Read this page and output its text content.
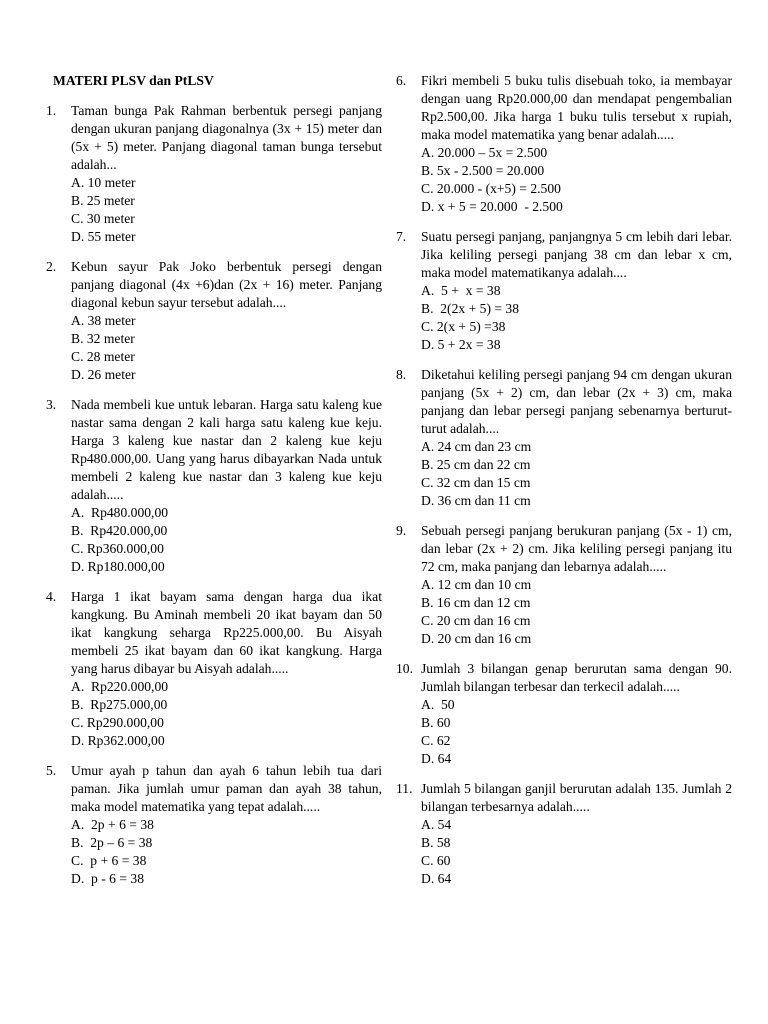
MATERI PLSV dan PtLSV
1.	Taman bunga Pak Rahman berbentuk persegi panjang dengan ukuran panjang diagonalnya (3x + 15) meter dan (5x + 5) meter. Panjang diagonal taman bunga tersebut adalah...
A. 10 meter
B. 25 meter
C. 30 meter
D. 55 meter
2.	Kebun sayur Pak Joko berbentuk persegi dengan panjang diagonal (4x +6)dan (2x + 16) meter. Panjang diagonal kebun sayur tersebut adalah....
A. 38 meter
B. 32 meter
C. 28 meter
D. 26 meter
3.	Nada membeli kue untuk lebaran. Harga satu kaleng kue nastar sama dengan 2 kali harga satu kaleng kue keju. Harga 3 kaleng kue nastar dan 2 kaleng kue keju Rp480.000,00. Uang yang harus dibayarkan Nada untuk membeli 2 kaleng kue nastar dan 3 kaleng kue keju adalah.....
A.  Rp480.000,00
B.  Rp420.000,00
C. Rp360.000,00
D. Rp180.000,00
4.	Harga 1 ikat bayam sama dengan harga dua ikat kangkung. Bu Aminah membeli 20 ikat bayam dan 50 ikat kangkung seharga Rp225.000,00. Bu Aisyah membeli 25 ikat bayam dan 60 ikat kangkung. Harga yang harus dibayar bu Aisyah adalah.....
A.  Rp220.000,00
B.  Rp275.000,00
C. Rp290.000,00
D. Rp362.000,00
5.	Umur ayah p tahun dan ayah 6 tahun lebih tua dari paman. Jika jumlah umur paman dan ayah 38 tahun, maka model matematika yang tepat adalah.....
A.  2p + 6 = 38
B.  2p – 6 = 38
C.  p + 6 = 38
D.  p - 6 = 38
6.	Fikri membeli 5 buku tulis disebuah toko, ia membayar dengan uang Rp20.000,00 dan mendapat pengembalian Rp2.500,00. Jika harga 1 buku tulis tersebut x rupiah, maka model matematika yang benar adalah.....
A. 20.000 – 5x = 2.500
B. 5x - 2.500 = 20.000
C. 20.000 - (x+5) = 2.500
D. x + 5 = 20.000  - 2.500
7.	Suatu persegi panjang, panjangnya 5 cm lebih dari lebar. Jika keliling persegi panjang 38 cm dan lebar x cm, maka model matematikanya adalah....
A.  5 +  x = 38
B.  2(2x + 5) = 38
C. 2(x + 5) =38
D. 5 + 2x = 38
8.	Diketahui keliling persegi panjang 94 cm dengan ukuran panjang (5x + 2) cm, dan lebar (2x + 3) cm, maka panjang dan lebar persegi panjang sebenarnya berturut-turut adalah....
A. 24 cm dan 23 cm
B. 25 cm dan 22 cm
C. 32 cm dan 15 cm
D. 36 cm dan 11 cm
9.	Sebuah persegi panjang berukuran panjang (5x - 1) cm, dan lebar (2x + 2) cm. Jika keliling persegi panjang itu 72 cm, maka panjang dan lebarnya adalah.....
A. 12 cm dan 10 cm
B. 16 cm dan 12 cm
C. 20 cm dan 16 cm
D. 20 cm dan 16 cm
10. Jumlah 3 bilangan genap berurutan sama dengan 90. Jumlah bilangan terbesar dan terkecil adalah.....
A.  50
B. 60
C. 62
D. 64
11. Jumlah 5 bilangan ganjil berurutan adalah 135. Jumlah 2 bilangan terbesarnya adalah.....
A. 54
B. 58
C. 60
D. 64
